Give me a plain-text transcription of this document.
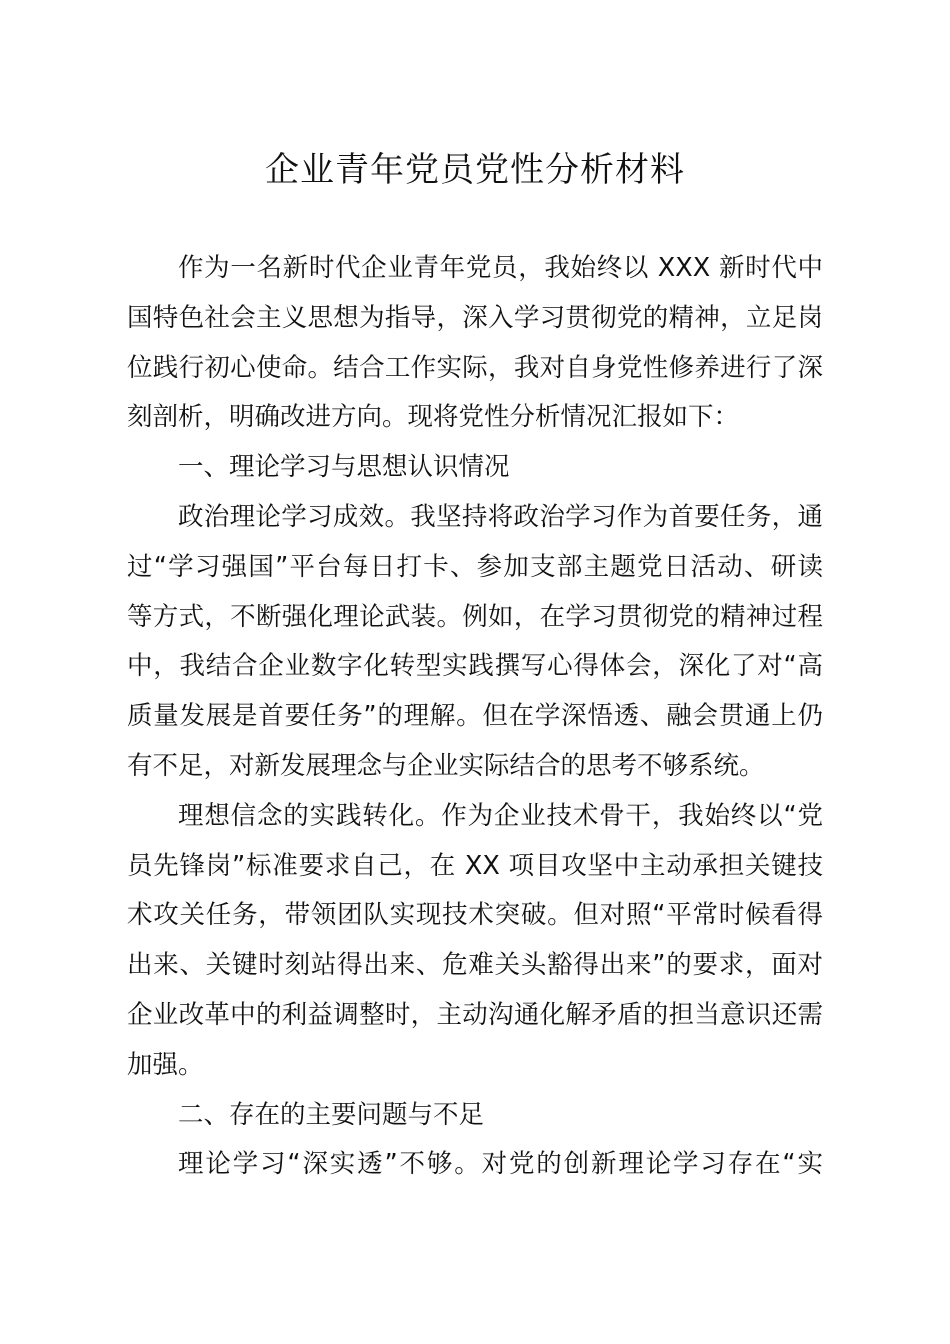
企业青年党员党性分析材料
作为一名新时代企业青年党员，我始终以 XXX 新时代中
国特色社会主义思想为指导，深入学习贯彻党的精神，立足岗
位践行初心使命。结合工作实际，我对自身党性修养进行了深
刻剖析，明确改进方向。现将党性分析情况汇报如下：
一、理论学习与思想认识情况
政治理论学习成效。我坚持将政治学习作为首要任务，通
过“学习强国”平台每日打卡、参加支部主题党日活动、研读
等方式，不断强化理论武装。例如，在学习贯彻党的精神过程
中，我结合企业数字化转型实践撰写心得体会，深化了对“高
质量发展是首要任务”的理解。但在学深悟透、融会贯通上仍
有不足，对新发展理念与企业实际结合的思考不够系统。
理想信念的实践转化。作为企业技术骨干，我始终以“党
员先锋岗”标准要求自己，在 XX 项目攻坚中主动承担关键技
术攻关任务，带领团队实现技术突破。但对照“平常时候看得
出来、关键时刻站得出来、危难关头豁得出来”的要求，面对
企业改革中的利益调整时，主动沟通化解矛盾的担当意识还需
加强。
二、存在的主要问题与不足
理论学习“深实透”不够。对党的创新理论学习存在“实
